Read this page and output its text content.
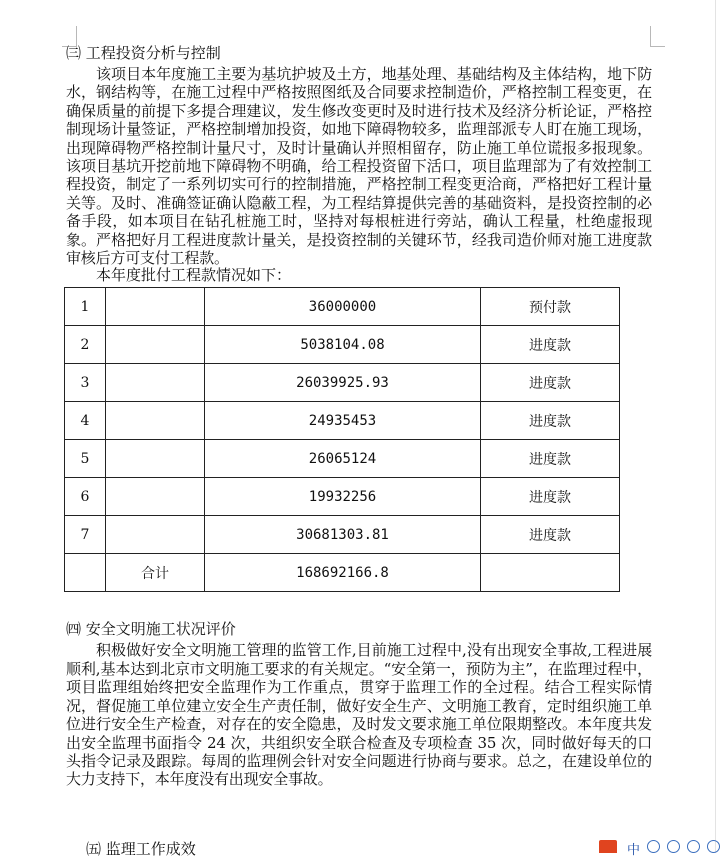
㈢ 工程投资分析与控制

该项目本年度施工主要为基坑护坡及土方，地基处理、基础结构及主体结构，地下防水，钢结构等，在施工过程中严格按照图纸及合同要求控制造价，严格控制工程变更，在确保质量的前提下多提合理建议，发生修改变更时及时进行技术及经济分析论证，严格控制现场计量签证，严格控制增加投资，如地下障碍物较多，监理部派专人盯在施工现场，出现障碍物严格控制计量尺寸，及时计量确认并照相留存，防止施工单位谎报多报现象。该项目基坑开挖前地下障碍物不明确，给工程投资留下活口，项目监理部为了有效控制工程投资，制定了一系列切实可行的控制措施，严格控制工程变更洽商，严格把好工程计量关等。及时、准确签证确认隐蔽工程，为工程结算提供完善的基础资料，是投资控制的必备手段，如本项目在钻孔桩施工时，坚持对每根桩进行旁站，确认工程量，杜绝虚报现象。严格把好月工程进度款计量关，是投资控制的关键环节，经我司造价师对施工进度款审核后方可支付工程款。

本年度批付工程款情况如下：

1		36000000	预付款
2		5038104.08	进度款
3		26039925.93	进度款
4		24935453	进度款
5		26065124	进度款
6		19932256	进度款
7		30681303.81	进度款
	合计	168692166.8	

㈣ 安全文明施工状况评价

积极做好安全文明施工管理的监管工作,目前施工过程中,没有出现安全事故,工程进展顺利,基本达到北京市文明施工要求的有关规定。“安全第一，预防为主”，在监理过程中，项目监理组始终把安全监理作为工作重点，贯穿于监理工作的全过程。结合工程实际情况，督促施工单位建立安全生产责任制，做好安全生产、文明施工教育，定时组织施工单位进行安全生产检查，对存在的安全隐患，及时发文要求施工单位限期整改。本年度共发出安全监理书面指令 24 次，共组织安全联合检查及专项检查 35 次，同时做好每天的口头指令记录及跟踪。每周的监理例会针对安全问题进行协商与要求。总之，在建设单位的大力支持下，本年度没有出现安全事故。

㈤ 监理工作成效	中
